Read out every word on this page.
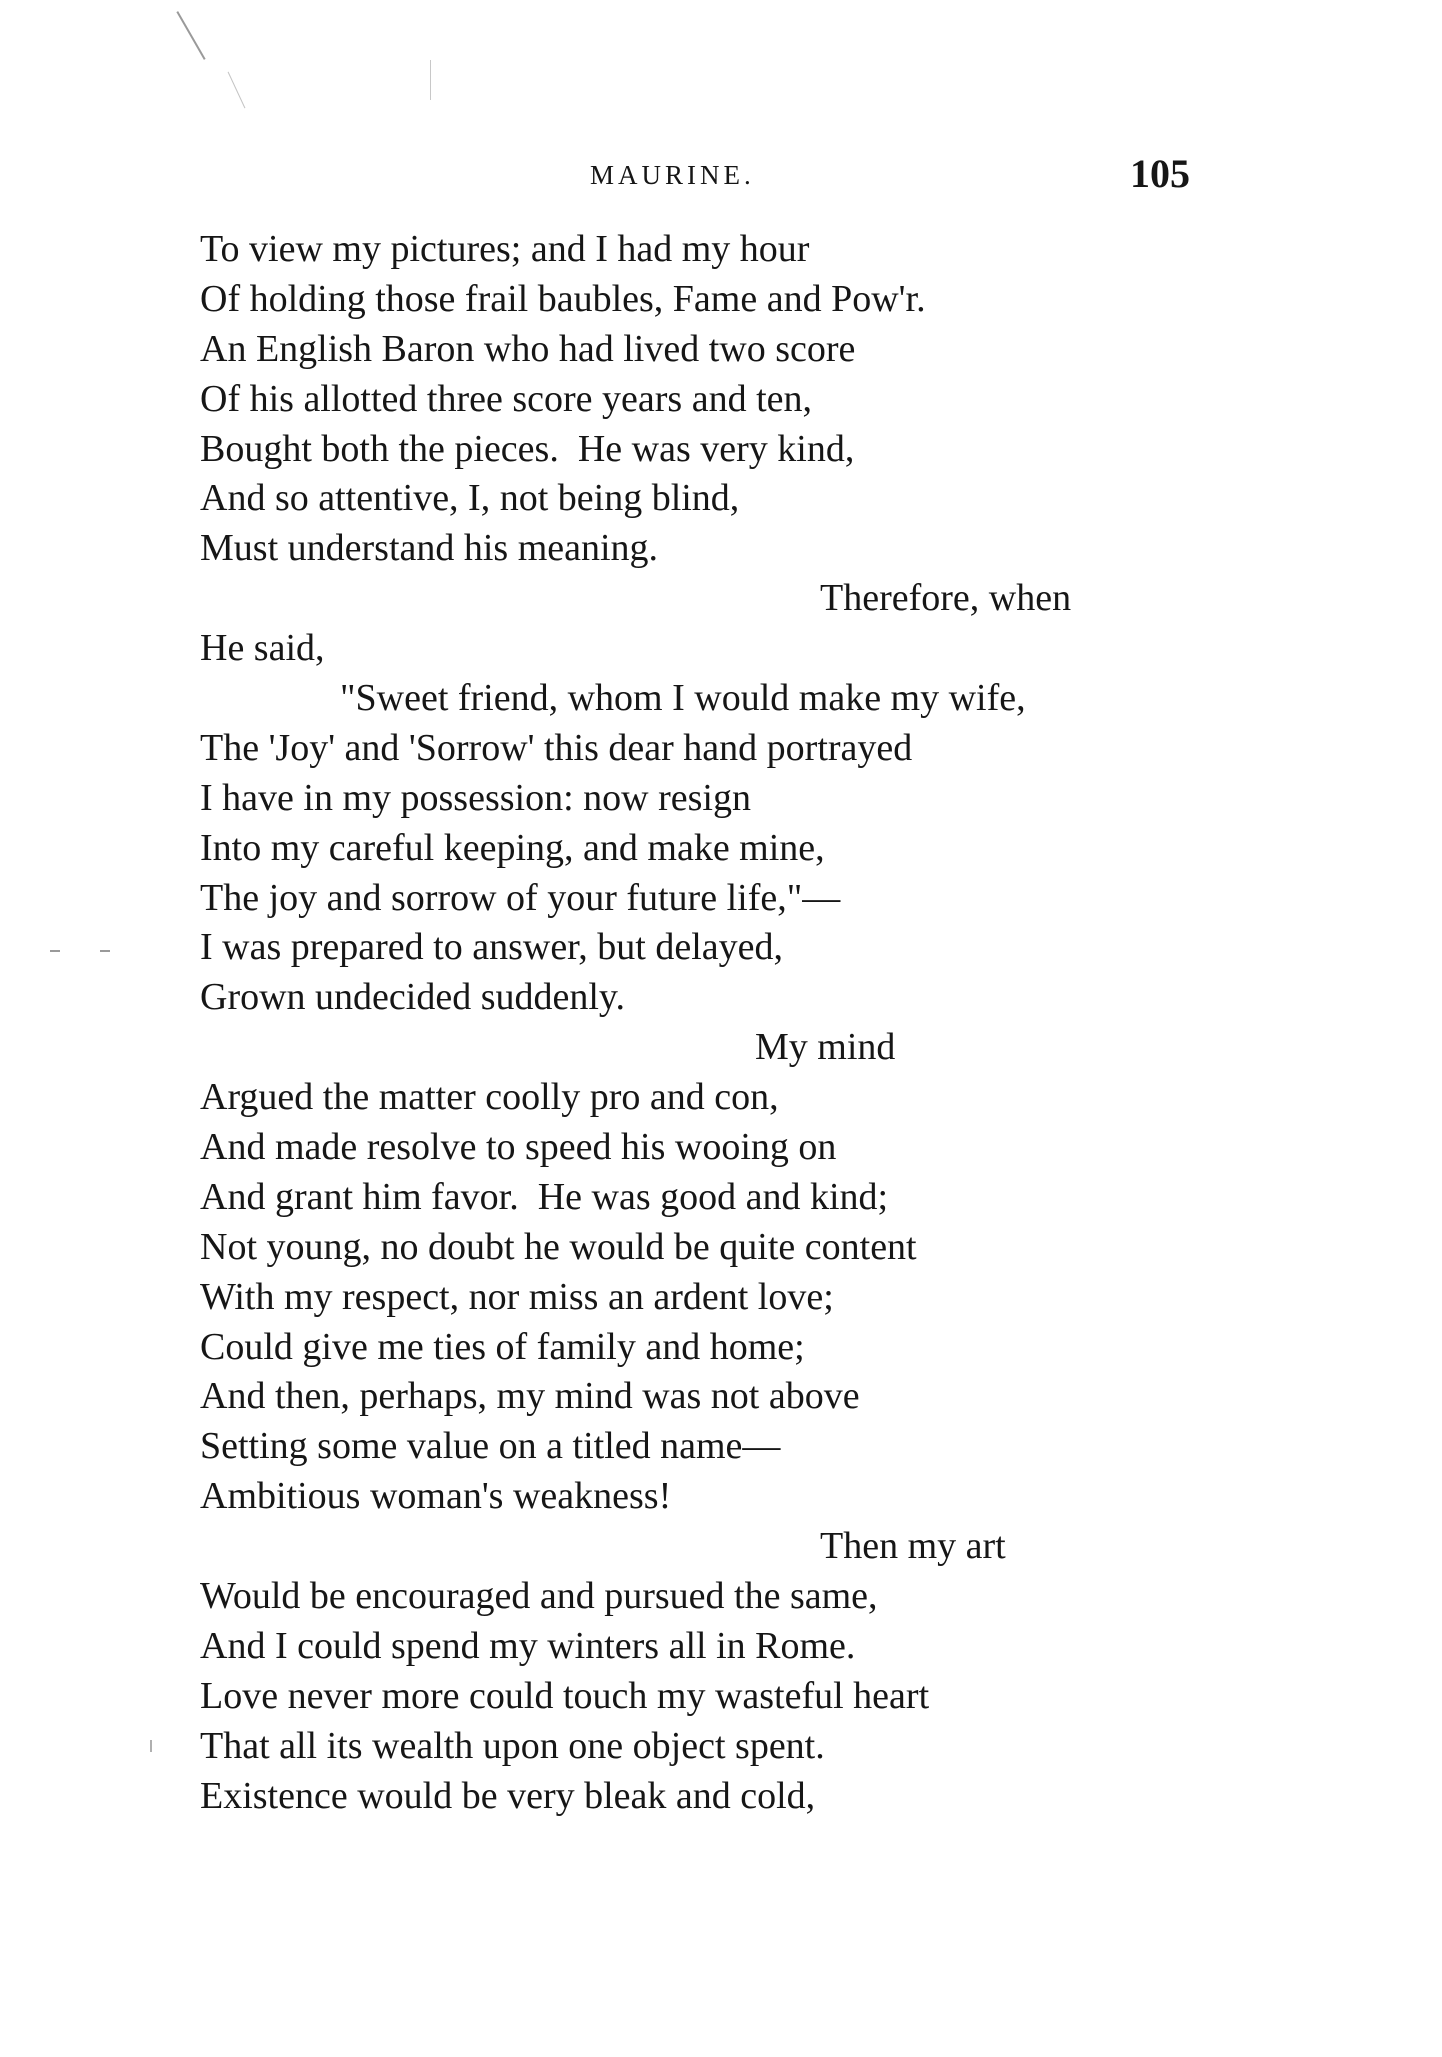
MAURINE.	105
To view my pictures; and I had my hour
Of holding those frail baubles, Fame and Pow'r.
An English Baron who had lived two score
Of his allotted three score years and ten,
Bought both the pieces.  He was very kind,
And so attentive, I, not being blind,
Must understand his meaning.
Therefore, when
He said,
"Sweet friend, whom I would make my wife,
The 'Joy' and 'Sorrow' this dear hand portrayed
I have in my possession: now resign
Into my careful keeping, and make mine,
The joy and sorrow of your future life,"—
I was prepared to answer, but delayed,
Grown undecided suddenly.
My mind
Argued the matter coolly pro and con,
And made resolve to speed his wooing on
And grant him favor.  He was good and kind;
Not young, no doubt he would be quite content
With my respect, nor miss an ardent love;
Could give me ties of family and home;
And then, perhaps, my mind was not above
Setting some value on a titled name—
Ambitious woman's weakness!
Then my art
Would be encouraged and pursued the same,
And I could spend my winters all in Rome.
Love never more could touch my wasteful heart
That all its wealth upon one object spent.
Existence would be very bleak and cold,
